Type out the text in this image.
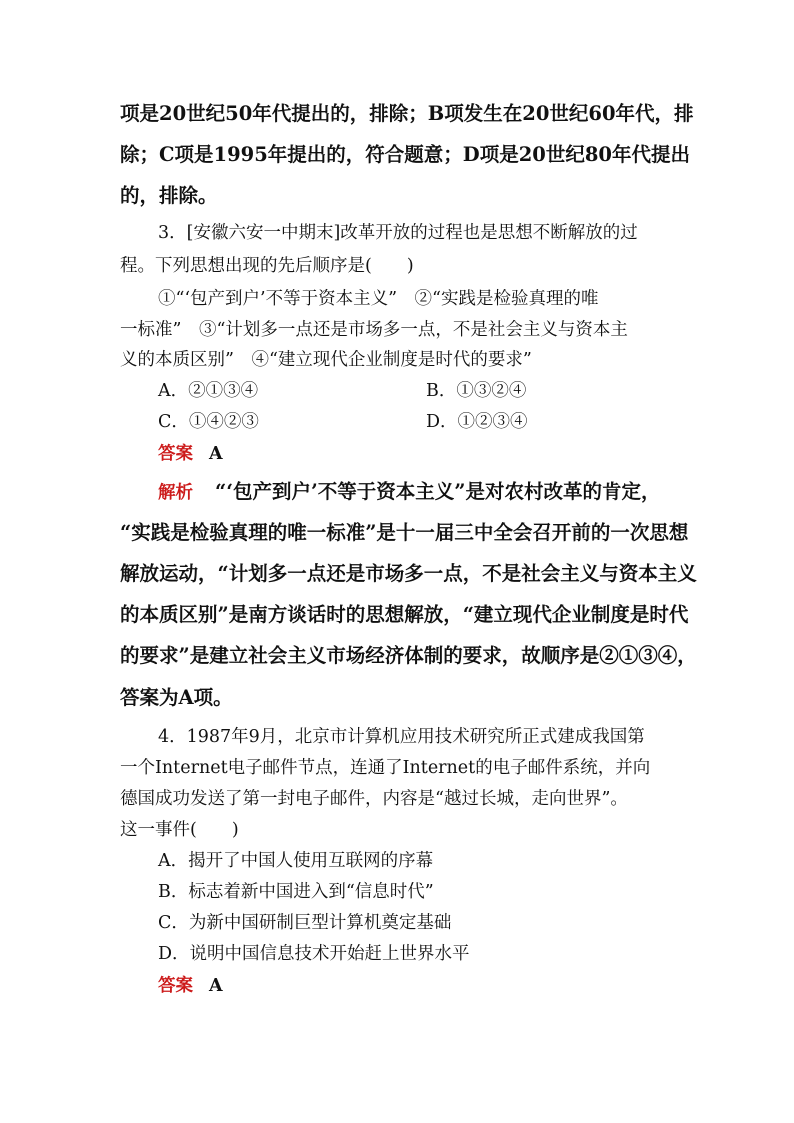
项是20世纪50年代提出的，排除；B项发生在20世纪60年代，排
除；C项是1995年提出的，符合题意；D项是20世纪80年代提出
的，排除。
3．[安徽六安一中期末]改革开放的过程也是思想不断解放的过
程。下列思想出现的先后顺序是(　　)
①“‘包产到户’不等于资本主义”　②“实践是检验真理的唯
一标准”　③“计划多一点还是市场多一点，不是社会主义与资本主
义的本质区别”　④“建立现代企业制度是时代的要求”
A．②①③④	B．①③②④
C．①④②③	D．①②③④
答案 A
解析 “‘包产到户’不等于资本主义”是对农村改革的肯定，
“实践是检验真理的唯一标准”是十一届三中全会召开前的一次思想
解放运动，“计划多一点还是市场多一点，不是社会主义与资本主义
的本质区别”是南方谈话时的思想解放，“建立现代企业制度是时代
的要求”是建立社会主义市场经济体制的要求，故顺序是②①③④，
答案为A项。
4．1987年9月，北京市计算机应用技术研究所正式建成我国第
一个Internet电子邮件节点，连通了Internet的电子邮件系统，并向
德国成功发送了第一封电子邮件，内容是“越过长城，走向世界”。
这一事件(　　)
A．揭开了中国人使用互联网的序幕
B．标志着新中国进入到“信息时代”
C．为新中国研制巨型计算机奠定基础
D．说明中国信息技术开始赶上世界水平
答案 A
